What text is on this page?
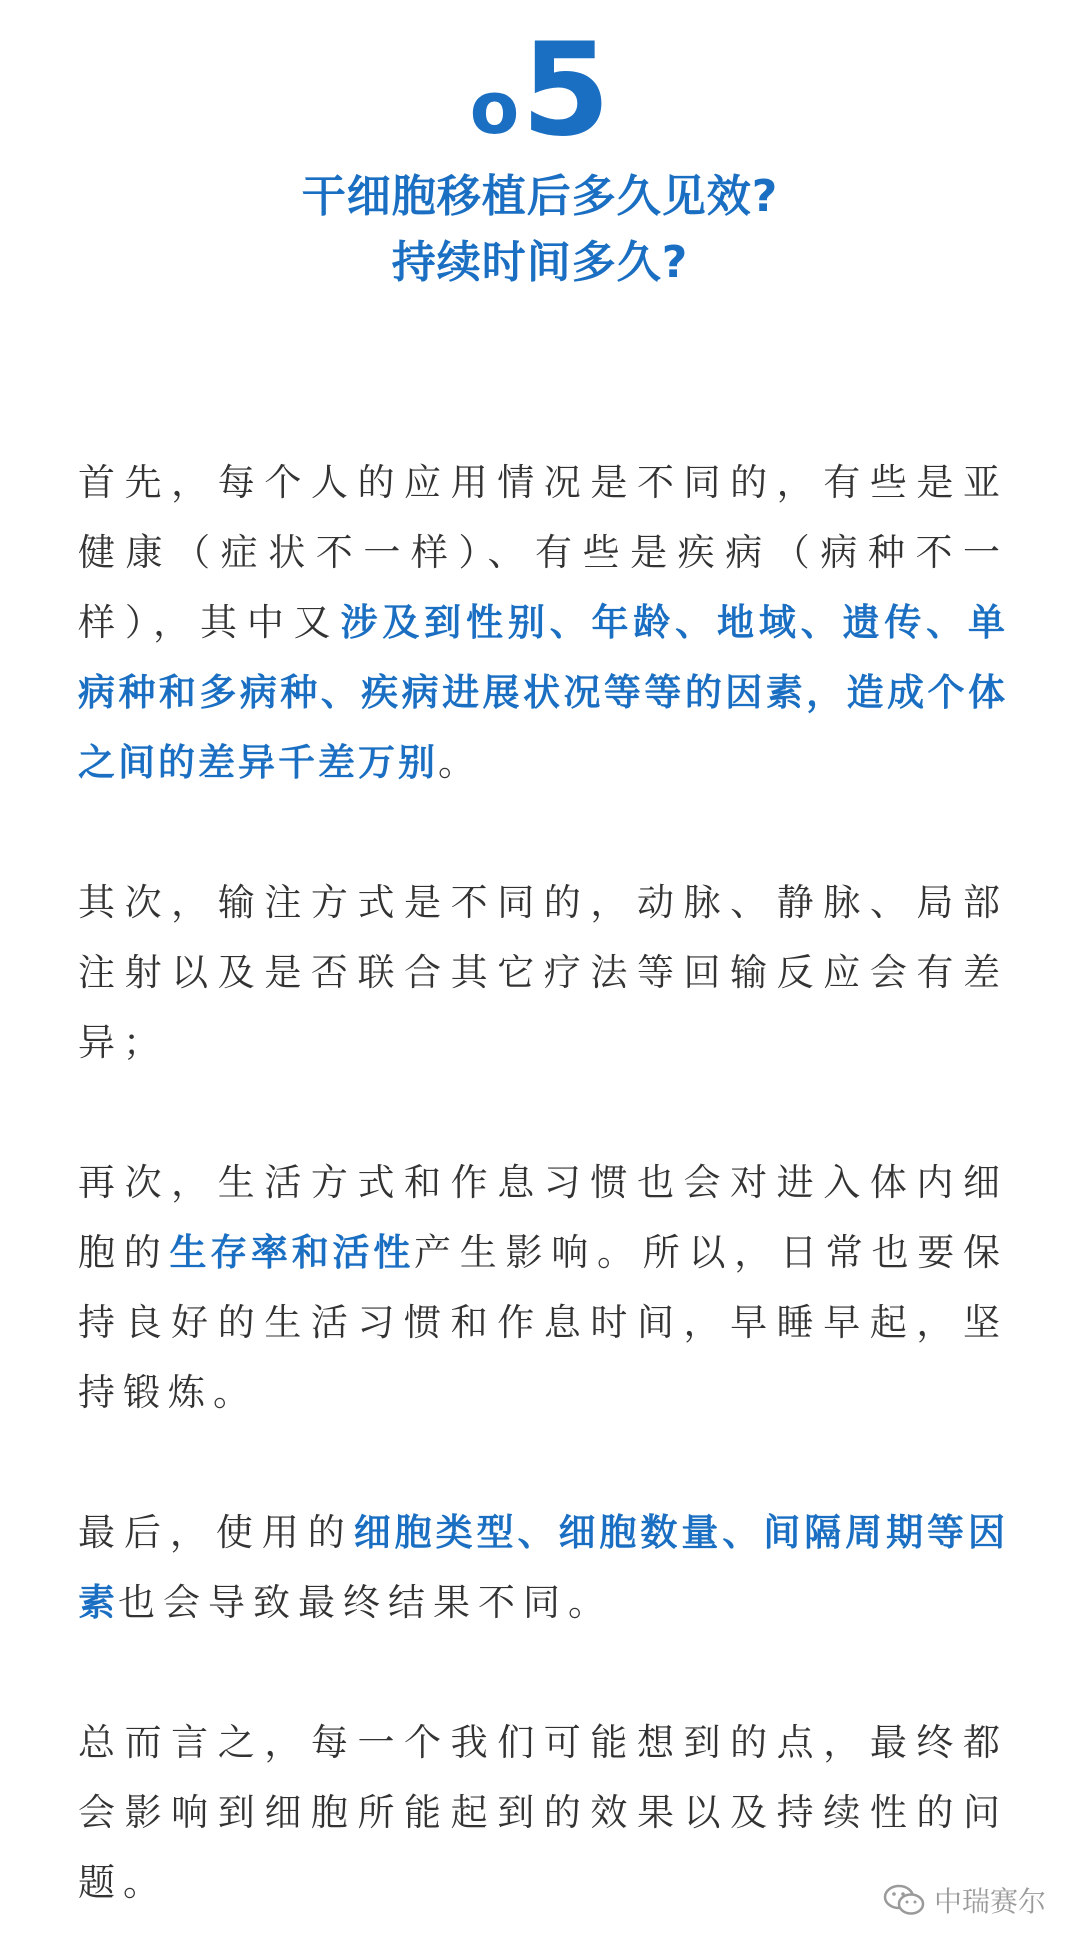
o 5
干细胞移植后多久见效?
持续时间多久?

首先，每个人的应用情况是不同的，有些是亚健康（症状不一样）、有些是疾病（病种不一样），其中又涉及到性别、年龄、地域、遗传、单病种和多病种、疾病进展状况等等的因素，造成个体之间的差异千差万别。

其次，输注方式是不同的，动脉、静脉、局部注射以及是否联合其它疗法等回输反应会有差异；

再次，生活方式和作息习惯也会对进入体内细胞的生存率和活性产生影响。所以，日常也要保持良好的生活习惯和作息时间，早睡早起，坚持锻炼。

最后，使用的细胞类型、细胞数量、间隔周期等因素也会导致最终结果不同。

总而言之，每一个我们可能想到的点，最终都会影响到细胞所能起到的效果以及持续性的问题。	中瑞赛尔
